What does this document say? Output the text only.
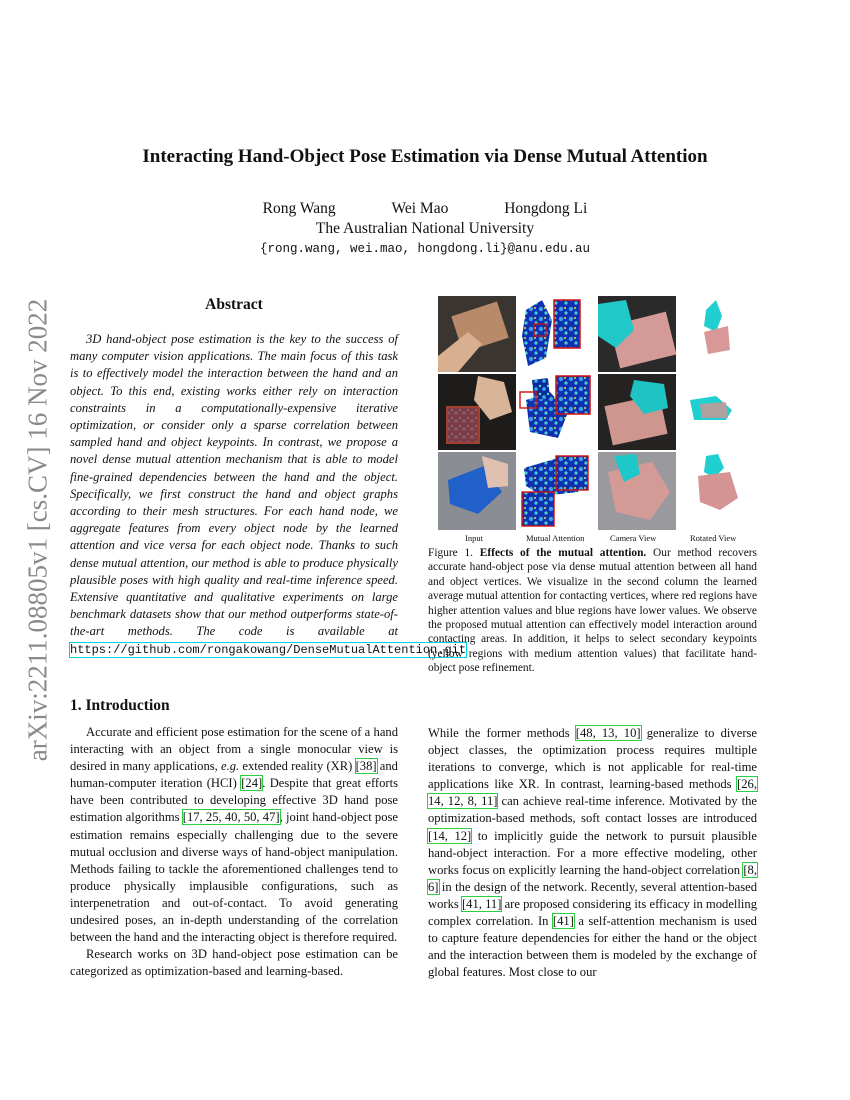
Interacting Hand-Object Pose Estimation via Dense Mutual Attention
Rong Wang	Wei Mao	Hongdong Li
The Australian National University
{rong.wang, wei.mao, hongdong.li}@anu.edu.au
arXiv:2211.08805v1 [cs.CV] 16 Nov 2022	Abstract

3D hand-object pose estimation is the key to the success of many computer vision applications. The main focus of this task is to effectively model the interaction between the hand and an object. To this end, existing works either rely on interaction constraints in a computationally-expensive iterative optimization, or consider only a sparse correlation between sampled hand and object keypoints. In contrast, we propose a novel dense mutual attention mechanism that is able to model fine-grained dependencies between the hand and the object. Specifically, we first construct the hand and object graphs according to their mesh structures. For each hand node, we aggregate features from every object node by the learned attention and vice versa for each object node. Thanks to such dense mutual attention, our method is able to produce physically plausible poses with high quality and real-time inference speed. Extensive quantitative and qualitative experiments on large benchmark datasets show that our method outperforms state-of-the-art methods. The code is available at https://github.com/rongakowang/DenseMutualAttention.git

Input	Mutual Attention	Camera View	Rotated View
Figure 1. Effects of the mutual attention. Our method recovers accurate hand-object pose via dense mutual attention between all hand and object vertices. We visualize in the second column the learned average mutual attention for contacting vertices, where red regions have higher attention values and blue regions have lower values. We observe the proposed mutual attention can effectively model interaction around contacting areas. In addition, it helps to select secondary keypoints (yellow regions with medium attention values) that facilitate hand-object pose refinement.
1. Introduction

Accurate and efficient pose estimation for the scene of a hand interacting with an object from a single monocular view is desired in many applications, e.g. extended reality (XR) [38] and human-computer iteration (HCI) [24]. Despite that great efforts have been contributed to developing effective 3D hand pose estimation algorithms [17, 25, 40, 50, 47], joint hand-object pose estimation remains especially challenging due to the severe mutual occlusion and diverse ways of hand-object manipulation. Methods failing to tackle the aforementioned challenges tend to produce physically implausible configurations, such as interpenetration and out-of-contact. To avoid generating undesired poses, an in-depth understanding of the correlation between the hand and the interacting object is therefore required.

Research works on 3D hand-object pose estimation can be categorized as optimization-based and learning-based.

While the former methods [48, 13, 10] generalize to diverse object classes, the optimization process requires multiple iterations to converge, which is not applicable for real-time applications like XR. In contrast, learning-based methods [26, 14, 12, 8, 11] can achieve real-time inference. Motivated by the optimization-based methods, soft contact losses are introduced [14, 12] to implicitly guide the network to pursuit plausible hand-object interaction. For a more effective modeling, other works focus on explicitly learning the hand-object correlation [8, 6] in the design of the network. Recently, several attention-based works [41, 11] are proposed considering its efficacy in modelling complex correlation. In [41] a self-attention mechanism is used to capture feature dependencies for either the hand or the object and the interaction between them is modeled by the exchange of global features. Most close to our
